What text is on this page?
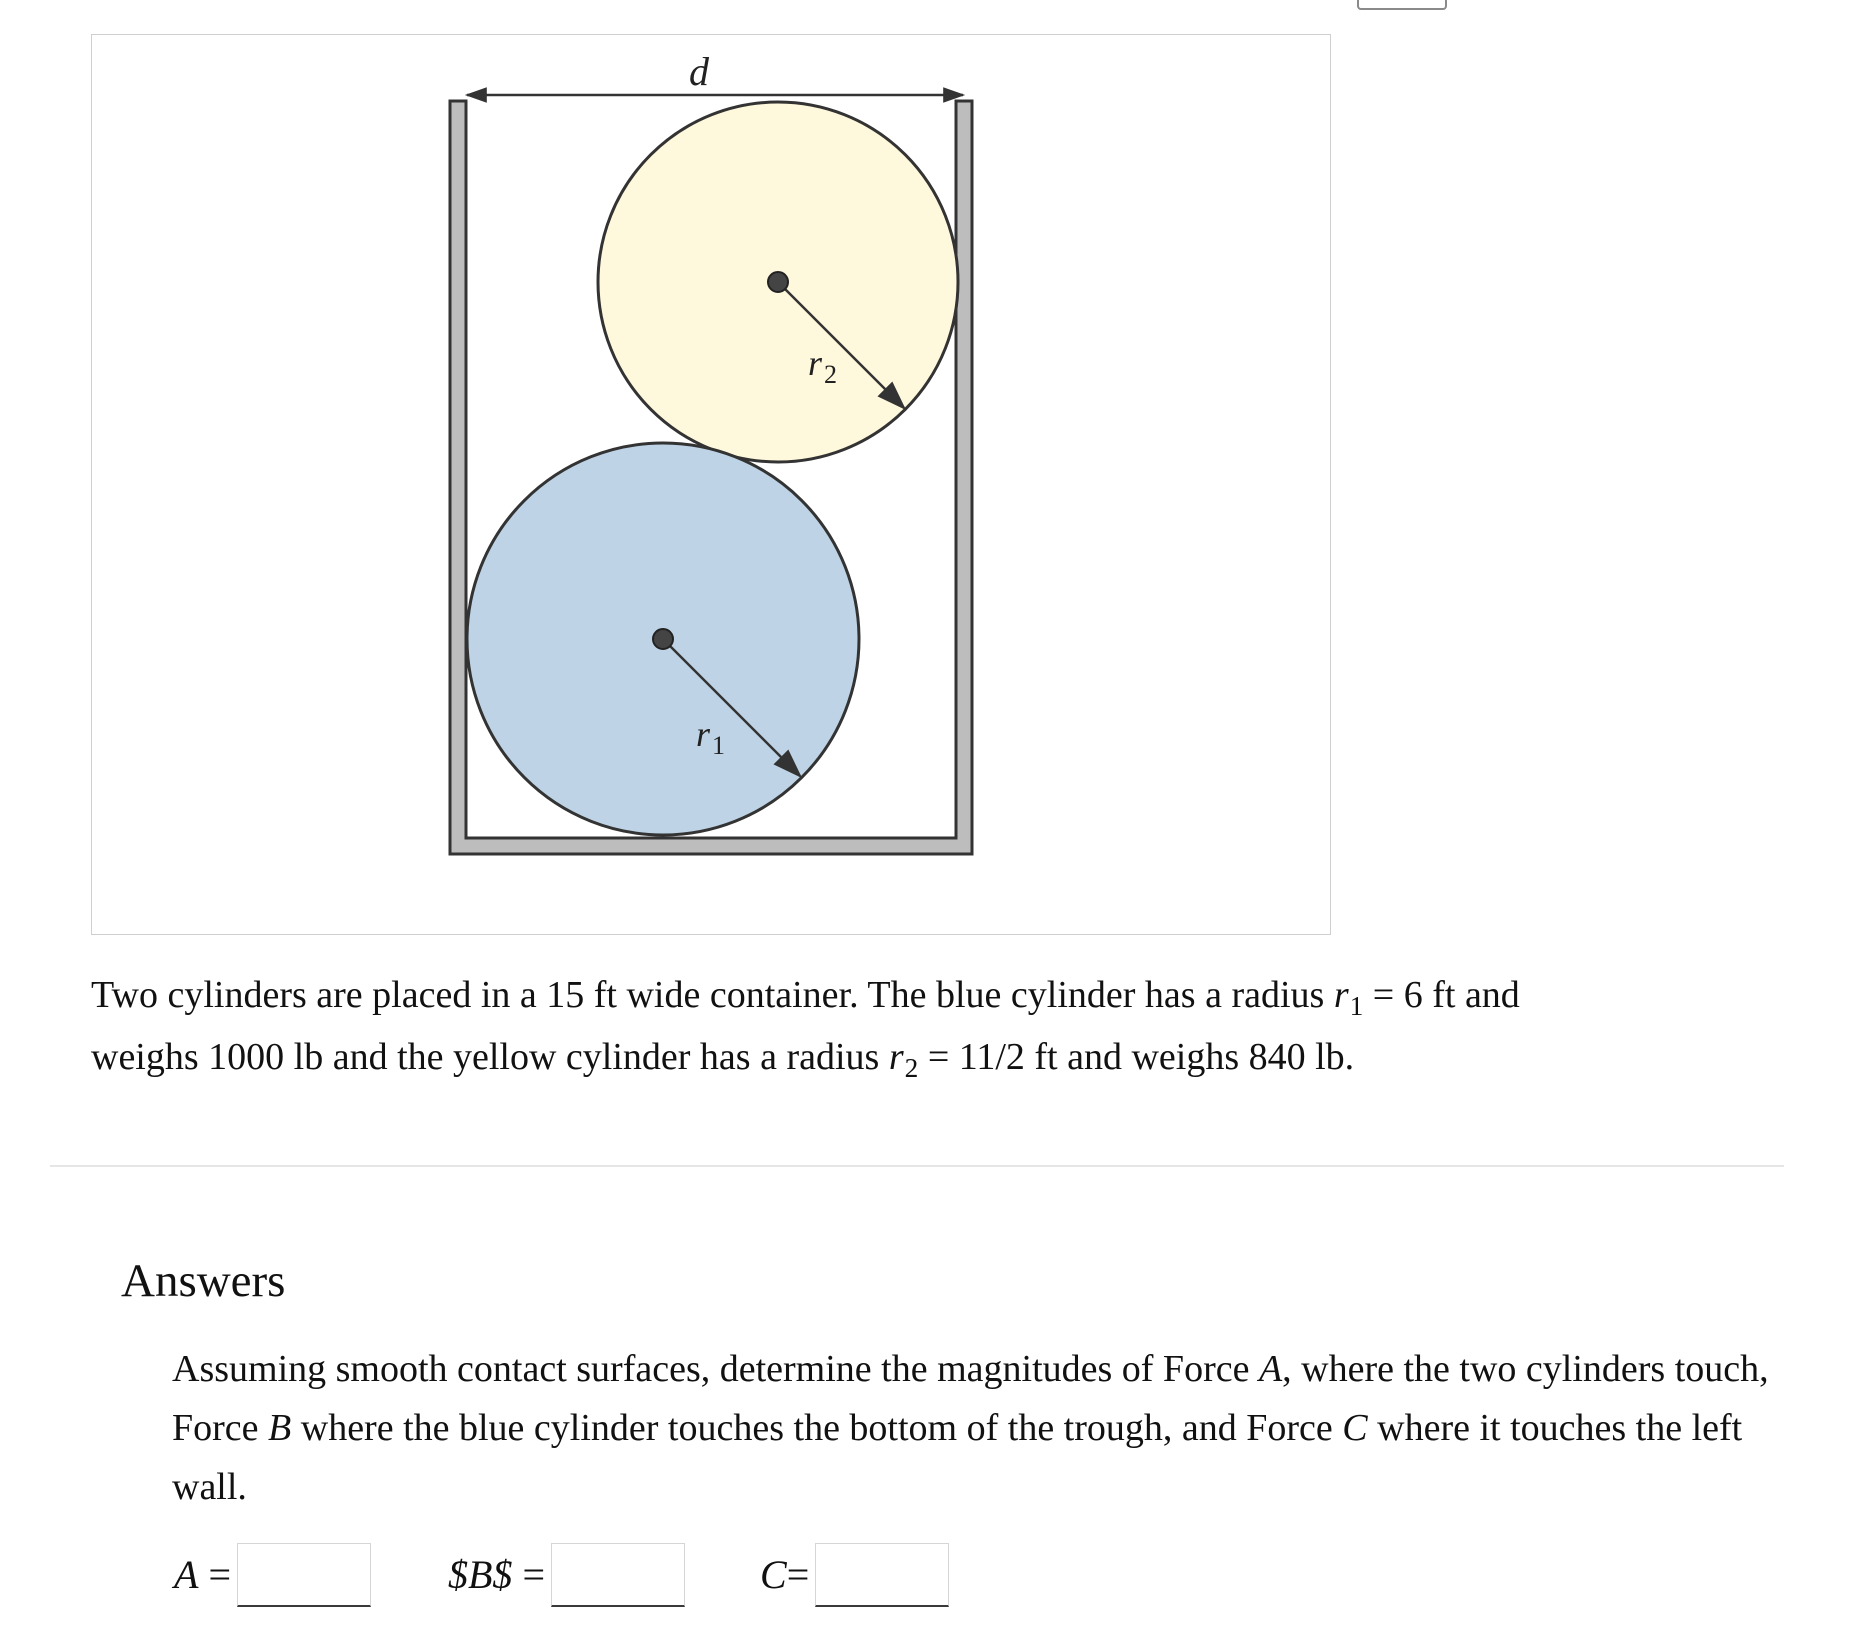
d
$r_2$
$r_1$

Two cylinders are placed in a 15 ft wide container. The blue cylinder has a radius $r_1 = 6$ ft and
weighs 1000 lb and the yellow cylinder has a radius $r_2 = 11/2$ ft and weighs 840 lb.

Answers

Assuming smooth contact surfaces, determine the magnitudes of Force A, where the two cylinders touch, Force B where the blue cylinder touches the bottom of the trough, and Force C where it touches the left wall.

A =	$B$ =	C=
